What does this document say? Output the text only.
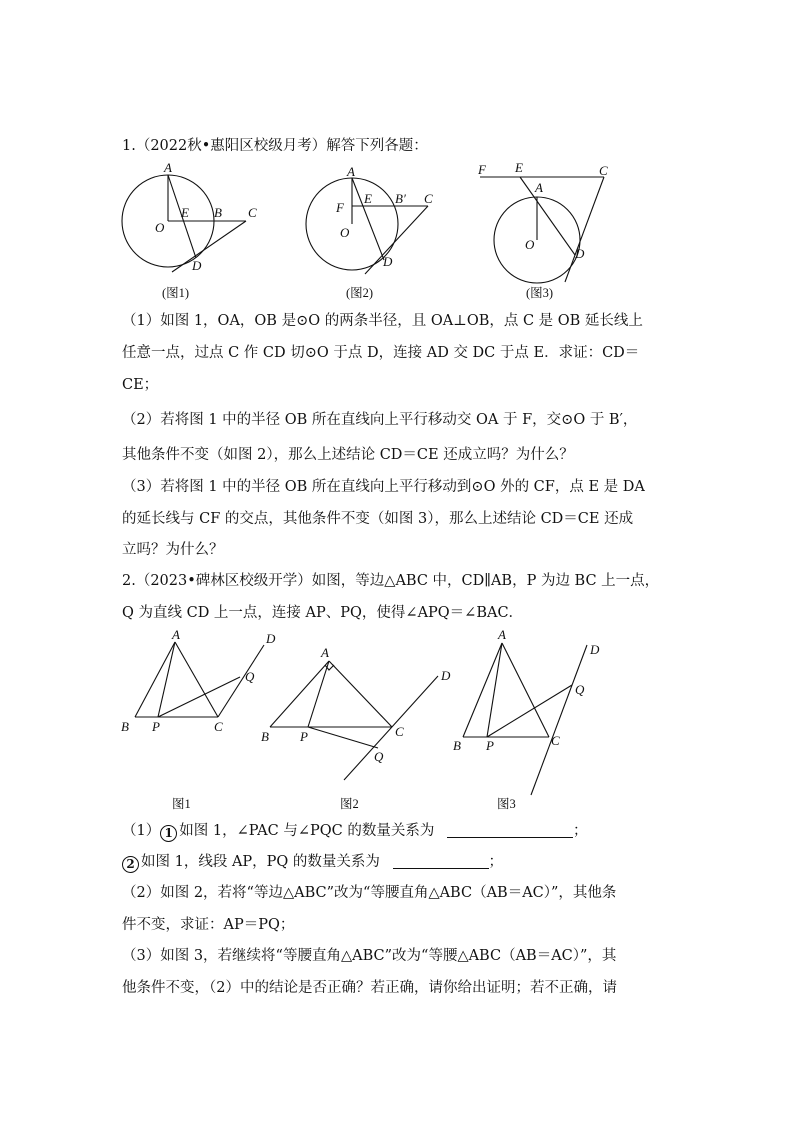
1.（2022秋•惠阳区校级月考）解答下列各题：
A
E B C
O
D
(图1)
A
E B′ C
F
O
D
(图2)
F E
A
C
O
D
(图3)
A
B P	C
Q
D
图1
A
B P	C
Q
D
图2
A
B P	C
Q
D
图3
（1）如图 1，OA，OB 是⊙O 的两条半径，且 OA⊥OB，点 C 是 OB 延长线上
任意一点，过点 C 作 CD 切⊙O 于点 D，连接 AD 交 DC 于点 E．求证：CD＝
CE；
（2）若将图 1 中的半径 OB 所在直线向上平行移动交 OA 于 F，交⊙O 于 B′，
其他条件不变（如图 2），那么上述结论 CD＝CE 还成立吗？为什么？
（3）若将图 1 中的半径 OB 所在直线向上平行移动到⊙O 外的 CF，点 E 是 DA
的延长线与 CF 的交点，其他条件不变（如图 3），那么上述结论 CD＝CE 还成
立吗？为什么？
2.（2023•碑林区校级开学）如图，等边△ABC 中，CD∥AB，P 为边 BC 上一点，
Q 为直线 CD 上一点，连接 AP、PQ，使得∠APQ＝∠BAC．
（1） 1 如图 1，∠PAC 与∠PQC 的数量关系为	；
2 如图 1，线段 AP，PQ 的数量关系为	；
（2）如图 2，若将“等边△ABC”改为“等腰直角△ABC（AB＝AC）”，其他条
件不变，求证：AP＝PQ；
（3）如图 3，若继续将“等腰直角△ABC”改为“等腰△ABC（AB＝AC）”，其
他条件不变，（2）中的结论是否正确？若正确，请你给出证明；若不正确，请
